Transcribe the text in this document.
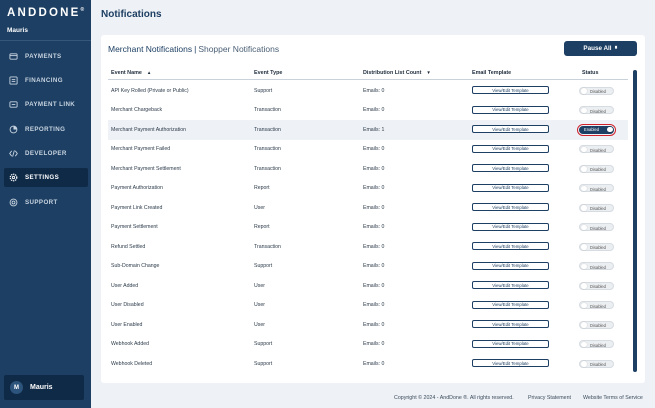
ANDDONE®
Mauris
PAYMENTS
FINANCING
PAYMENT LINK
REPORTING
DEVELOPER
SETTINGS
SUPPORT
M	Mauris
Notifications
Merchant Notifications | Shopper Notifications	Pause All ⏸
Event Name ▲	Event Type	Distribution List Count ▼	Email Template	Status
API Key Rolled (Private or Public)	Support	Emails: 0	View/Edit Template	Disabled
Merchant Chargeback	Transaction	Emails: 0	View/Edit Template	Disabled
Merchant Payment Authorization	Transaction	Emails: 1	View/Edit Template	Enabled
Merchant Payment Failed	Transaction	Emails: 0	View/Edit Template	Disabled
Merchant Payment Settlement	Transaction	Emails: 0	View/Edit Template	Disabled
Payment Authorization	Report	Emails: 0	View/Edit Template	Disabled
Payment Link Created	User	Emails: 0	View/Edit Template	Disabled
Payment Settlement	Report	Emails: 0	View/Edit Template	Disabled
Refund Settled	Transaction	Emails: 0	View/Edit Template	Disabled
Sub-Domain Change	Support	Emails: 0	View/Edit Template	Disabled
User Added	User	Emails: 0	View/Edit Template	Disabled
User Disabled	User	Emails: 0	View/Edit Template	Disabled
User Enabled	User	Emails: 0	View/Edit Template	Disabled
Webhook Added	Support	Emails: 0	View/Edit Template	Disabled
Webhook Deleted	Support	Emails: 0	View/Edit Template	Disabled
Copyright © 2024 - AndDone ®. All rights reserved.	Privacy Statement Website Terms of Service
